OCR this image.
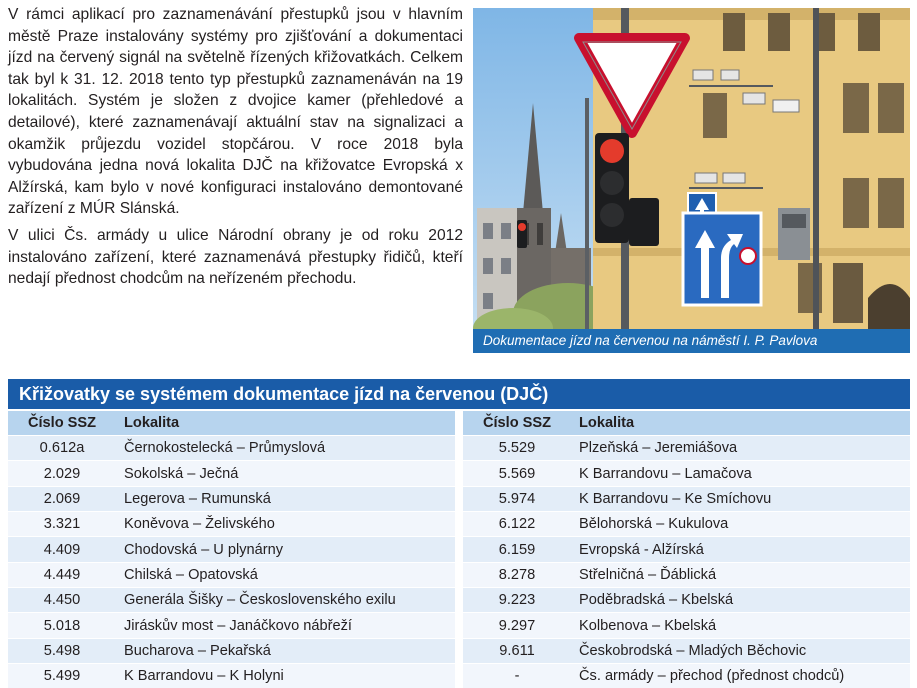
V rámci aplikací pro zaznamenávání přestupků jsou v hlavním městě Praze instalovány systémy pro zjišťování a dokumentaci jízd na červený signál na světelně řízených křižovatkách. Celkem tak byl k 31. 12. 2018 tento typ přestupků zaznamenáván na 19 lokalitách. Systém je složen z dvojice kamer (přehledové a detailové), které zaznamenávají aktuální stav na signalizaci a okamžik průjezdu vozidel stopčárou. V roce 2018 byla vybudována jedna nová lokalita DJČ na křižovatce Evropská x Alžírská, kam bylo v nové konfiguraci instalováno demontované zařízení z MÚR Slánská.

V ulici Čs. armády u ulice Národní obrany je od roku 2012 instalováno zařízení, které zaznamenává přestupky řidičů, kteří nedají přednost chodcům na neřízeném přechodu.

Dokumentace jízd na červenou na náměstí I. P. Pavlova
Křižovatky se systémem dokumentace jízd na červenou (DJČ)
Číslo SSZ	Lokalita
0.612a	Černokostelecká – Průmyslová
2.029	Sokolská – Ječná
2.069	Legerova – Rumunská
3.321	Koněvova – Želivského
4.409	Chodovská – U plynárny
4.449	Chilská – Opatovská
4.450	Generála Šišky – Československého exilu
5.018	Jiráskův most – Janáčkovo nábřeží
5.498	Bucharova – Pekařská
5.499	K Barrandovu – K Holyni
Číslo SSZ	Lokalita
5.529	Plzeňská – Jeremiášova
5.569	K Barrandovu – Lamačova
5.974	K Barrandovu – Ke Smíchovu
6.122	Bělohorská – Kukulova
6.159	Evropská - Alžírská
8.278	Střelničná – Ďáblická
9.223	Poděbradská – Kbelská
9.297	Kolbenova – Kbelská
9.611	Českobrodská – Mladých Běchovic
-	Čs. armády – přechod (přednost chodců)
